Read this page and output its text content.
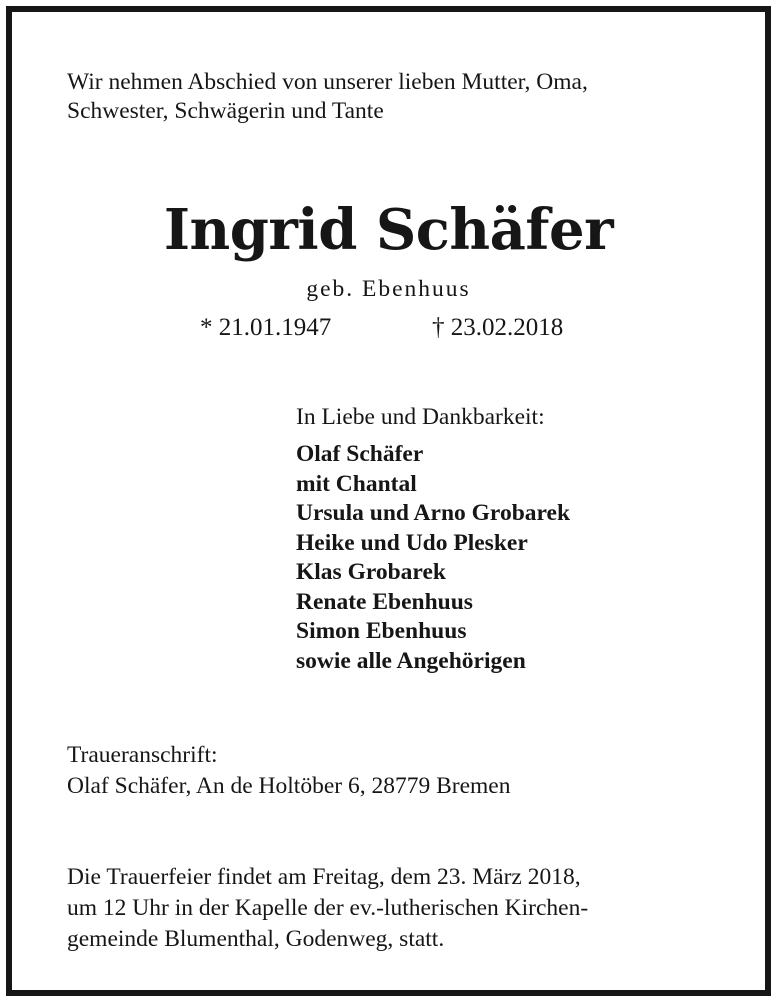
Wir nehmen Abschied von unserer lieben Mutter, Oma,
Schwester, Schwägerin und Tante
Ingrid Schäfer
geb. Ebenhuus
* 21.01.1947	† 23.02.2018
In Liebe und Dankbarkeit:
Olaf Schäfer
mit Chantal
Ursula und Arno Grobarek
Heike und Udo Plesker
Klas Grobarek
Renate Ebenhuus
Simon Ebenhuus
sowie alle Angehörigen
Traueranschrift:
Olaf Schäfer, An de Holtöber 6, 28779 Bremen
Die Trauerfeier findet am Freitag, dem 23. März 2018,
um 12 Uhr in der Kapelle der ev.-lutherischen Kirchen-
gemeinde Blumenthal, Godenweg, statt.
